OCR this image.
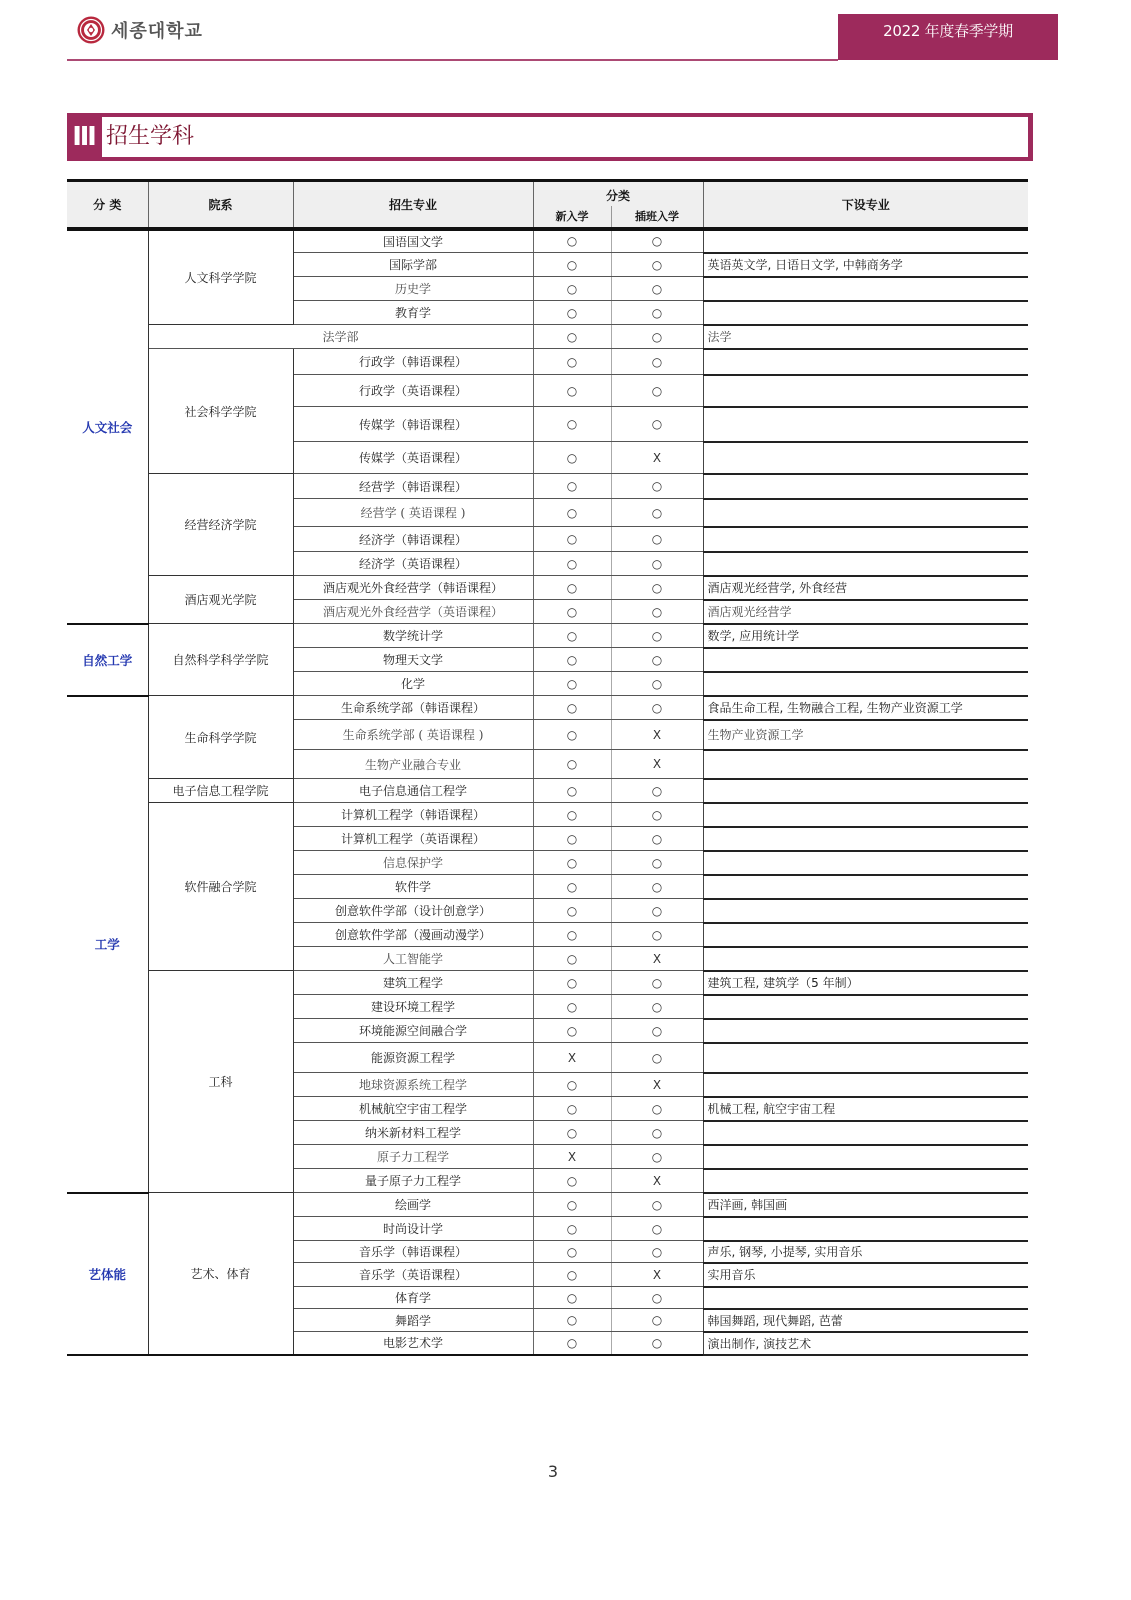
세종대학교	2022 年度春季学期
Ⅲ 招生学科
分 类	院系	招生专业	分类		下设专业
			新入学	插班入学	
人文社会	人文科学学院	国语国文学	○	○	
		国际学部	○	○	英语英文学, 日语日文学, 中韩商务学
		历史学	○	○	
		教育学	○	○	
	法学部		○	○	法学
	社会科学学院	行政学（韩语课程）	○	○	
		行政学（英语课程）	○	○	
		传媒学（韩语课程）	○	○	
		传媒学（英语课程）	○	X	
	经营经济学院	经营学（韩语课程）	○	○	
		经营学 ( 英语课程 )	○	○	
		经济学（韩语课程）	○	○	
		经济学（英语课程）	○	○	
	酒店观光学院	酒店观光外食经营学（韩语课程）	○	○	酒店观光经营学, 外食经营
		酒店观光外食经营学（英语课程）	○	○	酒店观光经营学
自然工学	自然科学科学学院	数学统计学	○	○	数学, 应用统计学
		物理天文学	○	○	
		化学	○	○	
工学	生命科学学院	生命系统学部（韩语课程）	○	○	食品生命工程, 生物融合工程, 生物产业资源工学
		生命系统学部 ( 英语课程 )	○	X	生物产业资源工学
		生物产业融合专业	○	X	
	电子信息工程学院	电子信息通信工程学	○	○	
	软件融合学院	计算机工程学（韩语课程）	○	○	
		计算机工程学（英语课程）	○	○	
		信息保护学	○	○	
		软件学	○	○	
		创意软件学部（设计创意学）	○	○	
		创意软件学部（漫画动漫学）	○	○	
		人工智能学	○	X	
	工科	建筑工程学	○	○	建筑工程, 建筑学（5 年制）
		建设环境工程学	○	○	
		环境能源空间融合学	○	○	
		能源资源工程学	X	○	
		地球资源系统工程学	○	X	
		机械航空宇宙工程学	○	○	机械工程, 航空宇宙工程
		纳米新材料工程学	○	○	
		原子力工程学	X	○	
		量子原子力工程学	○	X	
艺体能	艺术、体育	绘画学	○	○	西洋画, 韩国画
		时尚设计学	○	○	
		音乐学（韩语课程）	○	○	声乐, 钢琴, 小提琴, 实用音乐
		音乐学（英语课程）	○	X	实用音乐
		体育学	○	○	
		舞蹈学	○	○	韩国舞蹈, 现代舞蹈, 芭蕾
		电影艺术学	○	○	演出制作, 演技艺术
3
